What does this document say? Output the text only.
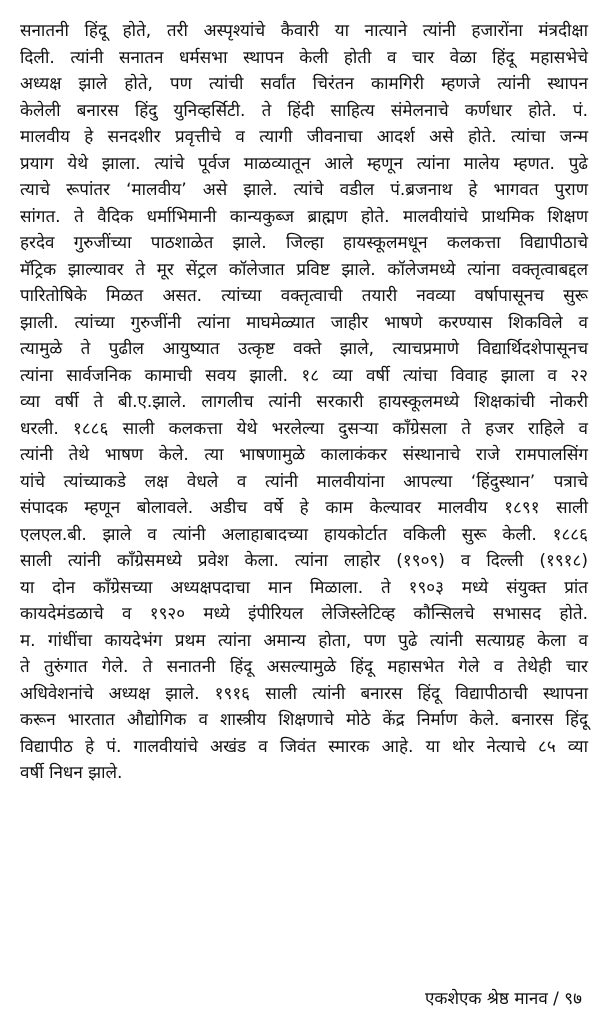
सनातनी हिंदू होते, तरी अस्पृश्यांचे कैवारी या नात्याने त्यांनी हजारोंना मंत्रदीक्षा
दिली. त्यांनी सनातन धर्मसभा स्थापन केली होती व चार वेळा हिंदू महासभेचे
अध्यक्ष झाले होते, पण त्यांची सर्वांत चिरंतन कामगिरी म्हणजे त्यांनी स्थापन
केलेली बनारस हिंदु युनिव्हर्सिटी. ते हिंदी साहित्य संमेलनाचे कर्णधार होते. पं.
मालवीय हे सनदशीर प्रवृत्तीचे व त्यागी जीवनाचा आदर्श असे होते. त्यांचा जन्म
प्रयाग येथे झाला. त्यांचे पूर्वज माळव्यातून आले म्हणून त्यांना मालेय म्हणत. पुढे
त्याचे रूपांतर ‘मालवीय’ असे झाले. त्यांचे वडील पं.ब्रजनाथ हे भागवत पुराण
सांगत. ते वैदिक धर्माभिमानी कान्यकुब्ज ब्राह्मण होते. मालवीयांचे प्राथमिक शिक्षण
हरदेव गुरुजींच्या पाठशाळेत झाले. जिल्हा हायस्कूलमधून कलकत्ता विद्यापीठाचे
मॅट्रिक झाल्यावर ते मूर सेंट्रल कॉलेजात प्रविष्ट झाले. कॉलेजमध्ये त्यांना वक्तृत्वाबद्दल
पारितोषिके मिळत असत. त्यांच्या वक्तृत्वाची तयारी नवव्या वर्षापासूनच सुरू
झाली. त्यांच्या गुरुजींनी त्यांना माघमेळ्यात जाहीर भाषणे करण्यास शिकविले व
त्यामुळे ते पुढील आयुष्यात उत्कृष्ट वक्ते झाले, त्याचप्रमाणे विद्यार्थिदशेपासूनच
त्यांना सार्वजनिक कामाची सवय झाली. १८ व्या वर्षी त्यांचा विवाह झाला व २२
व्या वर्षी ते बी.ए.झाले. लागलीच त्यांनी सरकारी हायस्कूलमध्ये शिक्षकांची नोकरी
धरली. १८८६ साली कलकत्ता येथे भरलेल्या दुसऱ्या काँग्रेसला ते हजर राहिले व
त्यांनी तेथे भाषण केले. त्या भाषणामुळे कालाकंकर संस्थानाचे राजे रामपालसिंग
यांचे त्यांच्याकडे लक्ष वेधले व त्यांनी मालवीयांना आपल्या ‘हिंदुस्थान’ पत्राचे
संपादक म्हणून बोलावले. अडीच वर्षे हे काम केल्यावर मालवीय १८९१ साली
एलएल.बी. झाले व त्यांनी अलाहाबादच्या हायकोर्टात वकिली सुरू केली. १८८६
साली त्यांनी काँग्रेसमध्ये प्रवेश केला. त्यांना लाहोर (१९०९) व दिल्ली (१९१८)
या दोन काँग्रेसच्या अध्यक्षपदाचा मान मिळाला. ते १९०३ मध्ये संयुक्त प्रांत
कायदेमंडळाचे व १९२० मध्ये इंपीरियल लेजिस्लेटिव्ह कौन्सिलचे सभासद होते.
म. गांधींचा कायदेभंग प्रथम त्यांना अमान्य होता, पण पुढे त्यांनी सत्याग्रह केला व
ते तुरुंगात गेले. ते सनातनी हिंदू असल्यामुळे हिंदू महासभेत गेले व तेथेही चार
अधिवेशनांचे अध्यक्ष झाले. १९१६ साली त्यांनी बनारस हिंदू विद्यापीठाची स्थापना
करून भारतात औद्योगिक व शास्त्रीय शिक्षणाचे मोठे केंद्र निर्माण केले. बनारस हिंदू
विद्यापीठ हे पं. गालवीयांचे अखंड व जिवंत स्मारक आहे. या थोर नेत्याचे ८५ व्या
वर्षी निधन झाले.
एकशेएक श्रेष्ठ मानव / ९७
